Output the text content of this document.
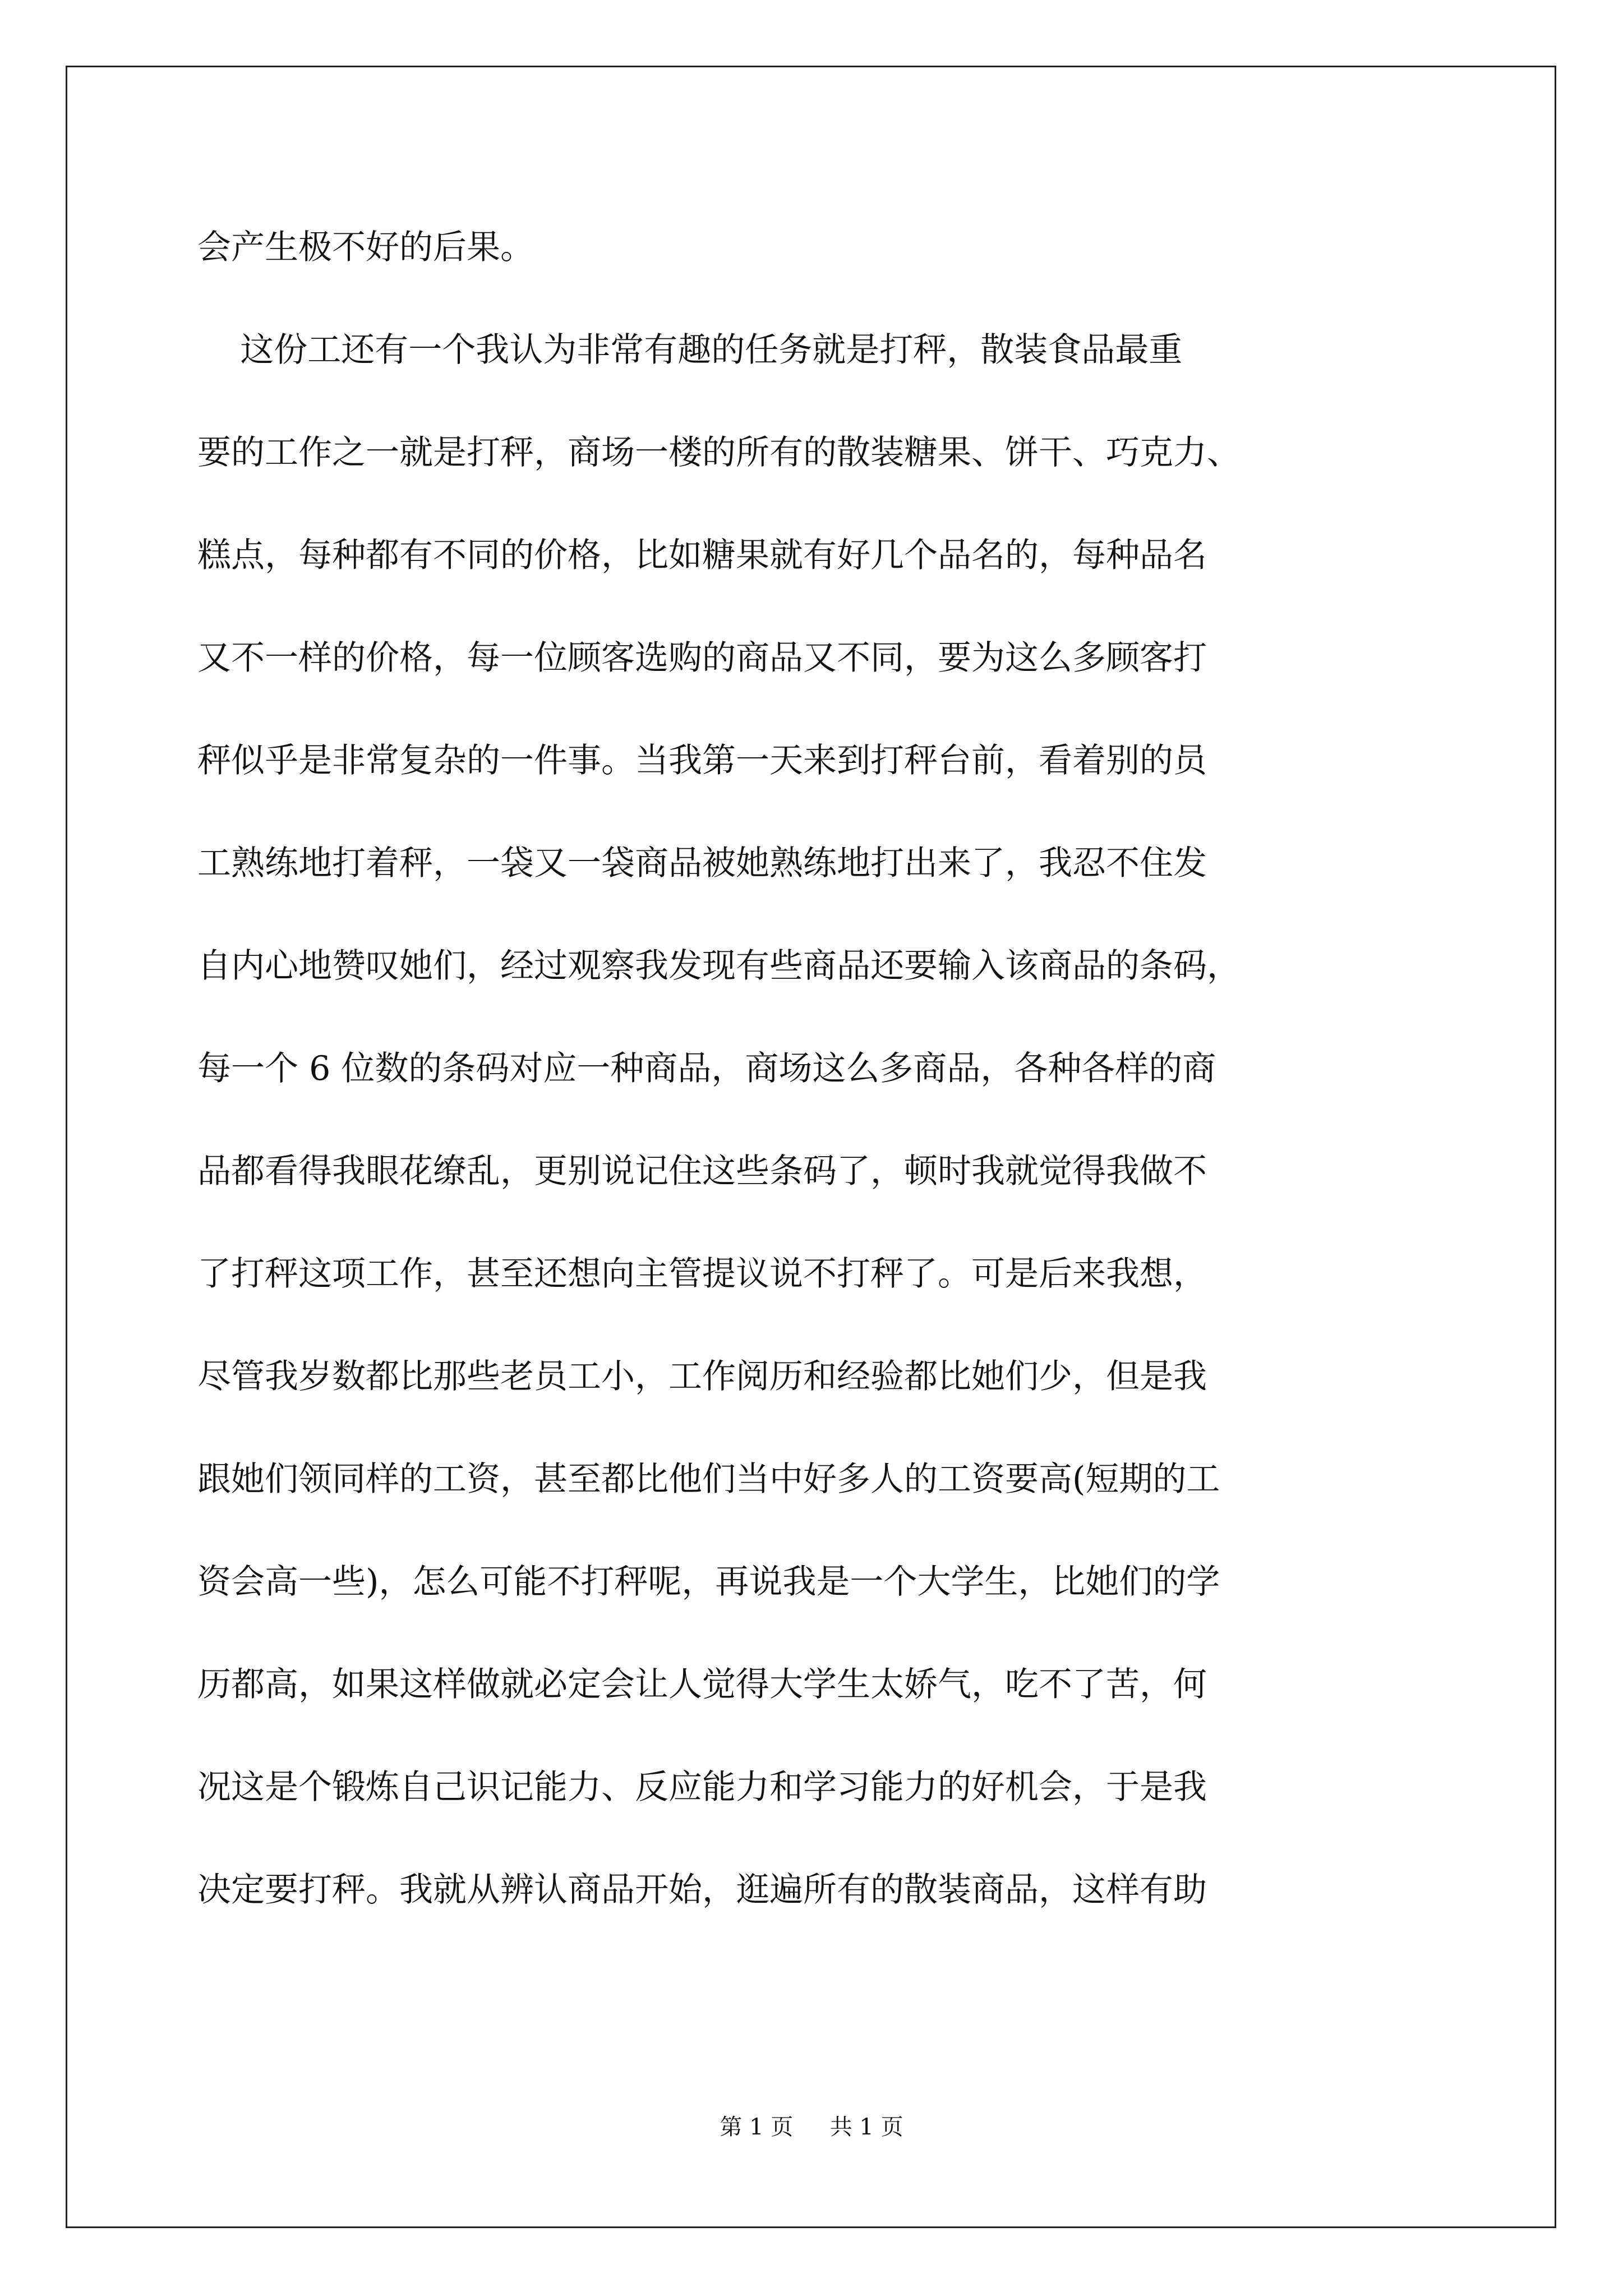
会产生极不好的后果。
这份工还有一个我认为非常有趣的任务就是打秤，散装食品最重
要的工作之一就是打秤，商场一楼的所有的散装糖果、饼干、巧克力、
糕点，每种都有不同的价格，比如糖果就有好几个品名的，每种品名
又不一样的价格，每一位顾客选购的商品又不同，要为这么多顾客打
秤似乎是非常复杂的一件事。当我第一天来到打秤台前，看着别的员
工熟练地打着秤，一袋又一袋商品被她熟练地打出来了，我忍不住发
自内心地赞叹她们，经过观察我发现有些商品还要输入该商品的条码，
每一个 6 位数的条码对应一种商品，商场这么多商品，各种各样的商
品都看得我眼花缭乱，更别说记住这些条码了，顿时我就觉得我做不
了打秤这项工作，甚至还想向主管提议说不打秤了。可是后来我想，
尽管我岁数都比那些老员工小，工作阅历和经验都比她们少，但是我
跟她们领同样的工资，甚至都比他们当中好多人的工资要高(短期的工
资会高一些)，怎么可能不打秤呢，再说我是一个大学生，比她们的学
历都高，如果这样做就必定会让人觉得大学生太娇气，吃不了苦，何
况这是个锻炼自己识记能力、反应能力和学习能力的好机会，于是我
决定要打秤。我就从辨认商品开始，逛遍所有的散装商品，这样有助
第 1 页 共 1 页
